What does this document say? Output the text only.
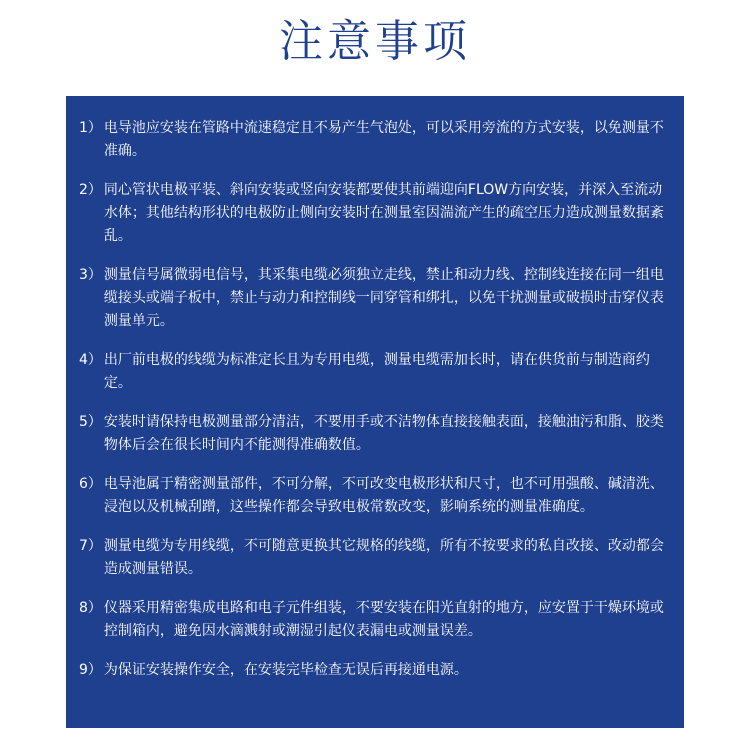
注意事项
1） 电导池应安装在管路中流速稳定且不易产生气泡处，可以采用旁流的方式安装，以免测量不准确。
2） 同心管状电极平装、斜向安装或竖向安装都要使其前端迎向FLOW方向安装，并深入至流动水体；其他结构形状的电极防止侧向安装时在测量室因湍流产生的疏空压力造成测量数据紊乱。
3） 测量信号属微弱电信号，其采集电缆必须独立走线，禁止和动力线、控制线连接在同一组电缆接头或端子板中，禁止与动力和控制线一同穿管和绑扎，以免干扰测量或破损时击穿仪表测量单元。
4） 出厂前电极的线缆为标准定长且为专用电缆，测量电缆需加长时，请在供货前与制造商约定。
5） 安装时请保持电极测量部分清洁，不要用手或不洁物体直接接触表面，接触油污和脂、胶类物体后会在很长时间内不能测得准确数值。
6） 电导池属于精密测量部件，不可分解，不可改变电极形状和尺寸，也不可用强酸、碱清洗、浸泡以及机械刮蹭，这些操作都会导致电极常数改变，影响系统的测量准确度。
7） 测量电缆为专用线缆，不可随意更换其它规格的线缆，所有不按要求的私自改接、改动都会造成测量错误。
8） 仪器采用精密集成电路和电子元件组装，不要安装在阳光直射的地方，应安置于干燥环境或控制箱内，避免因水滴溅射或潮湿引起仪表漏电或测量误差。
9） 为保证安装操作安全，在安装完毕检查无误后再接通电源。
